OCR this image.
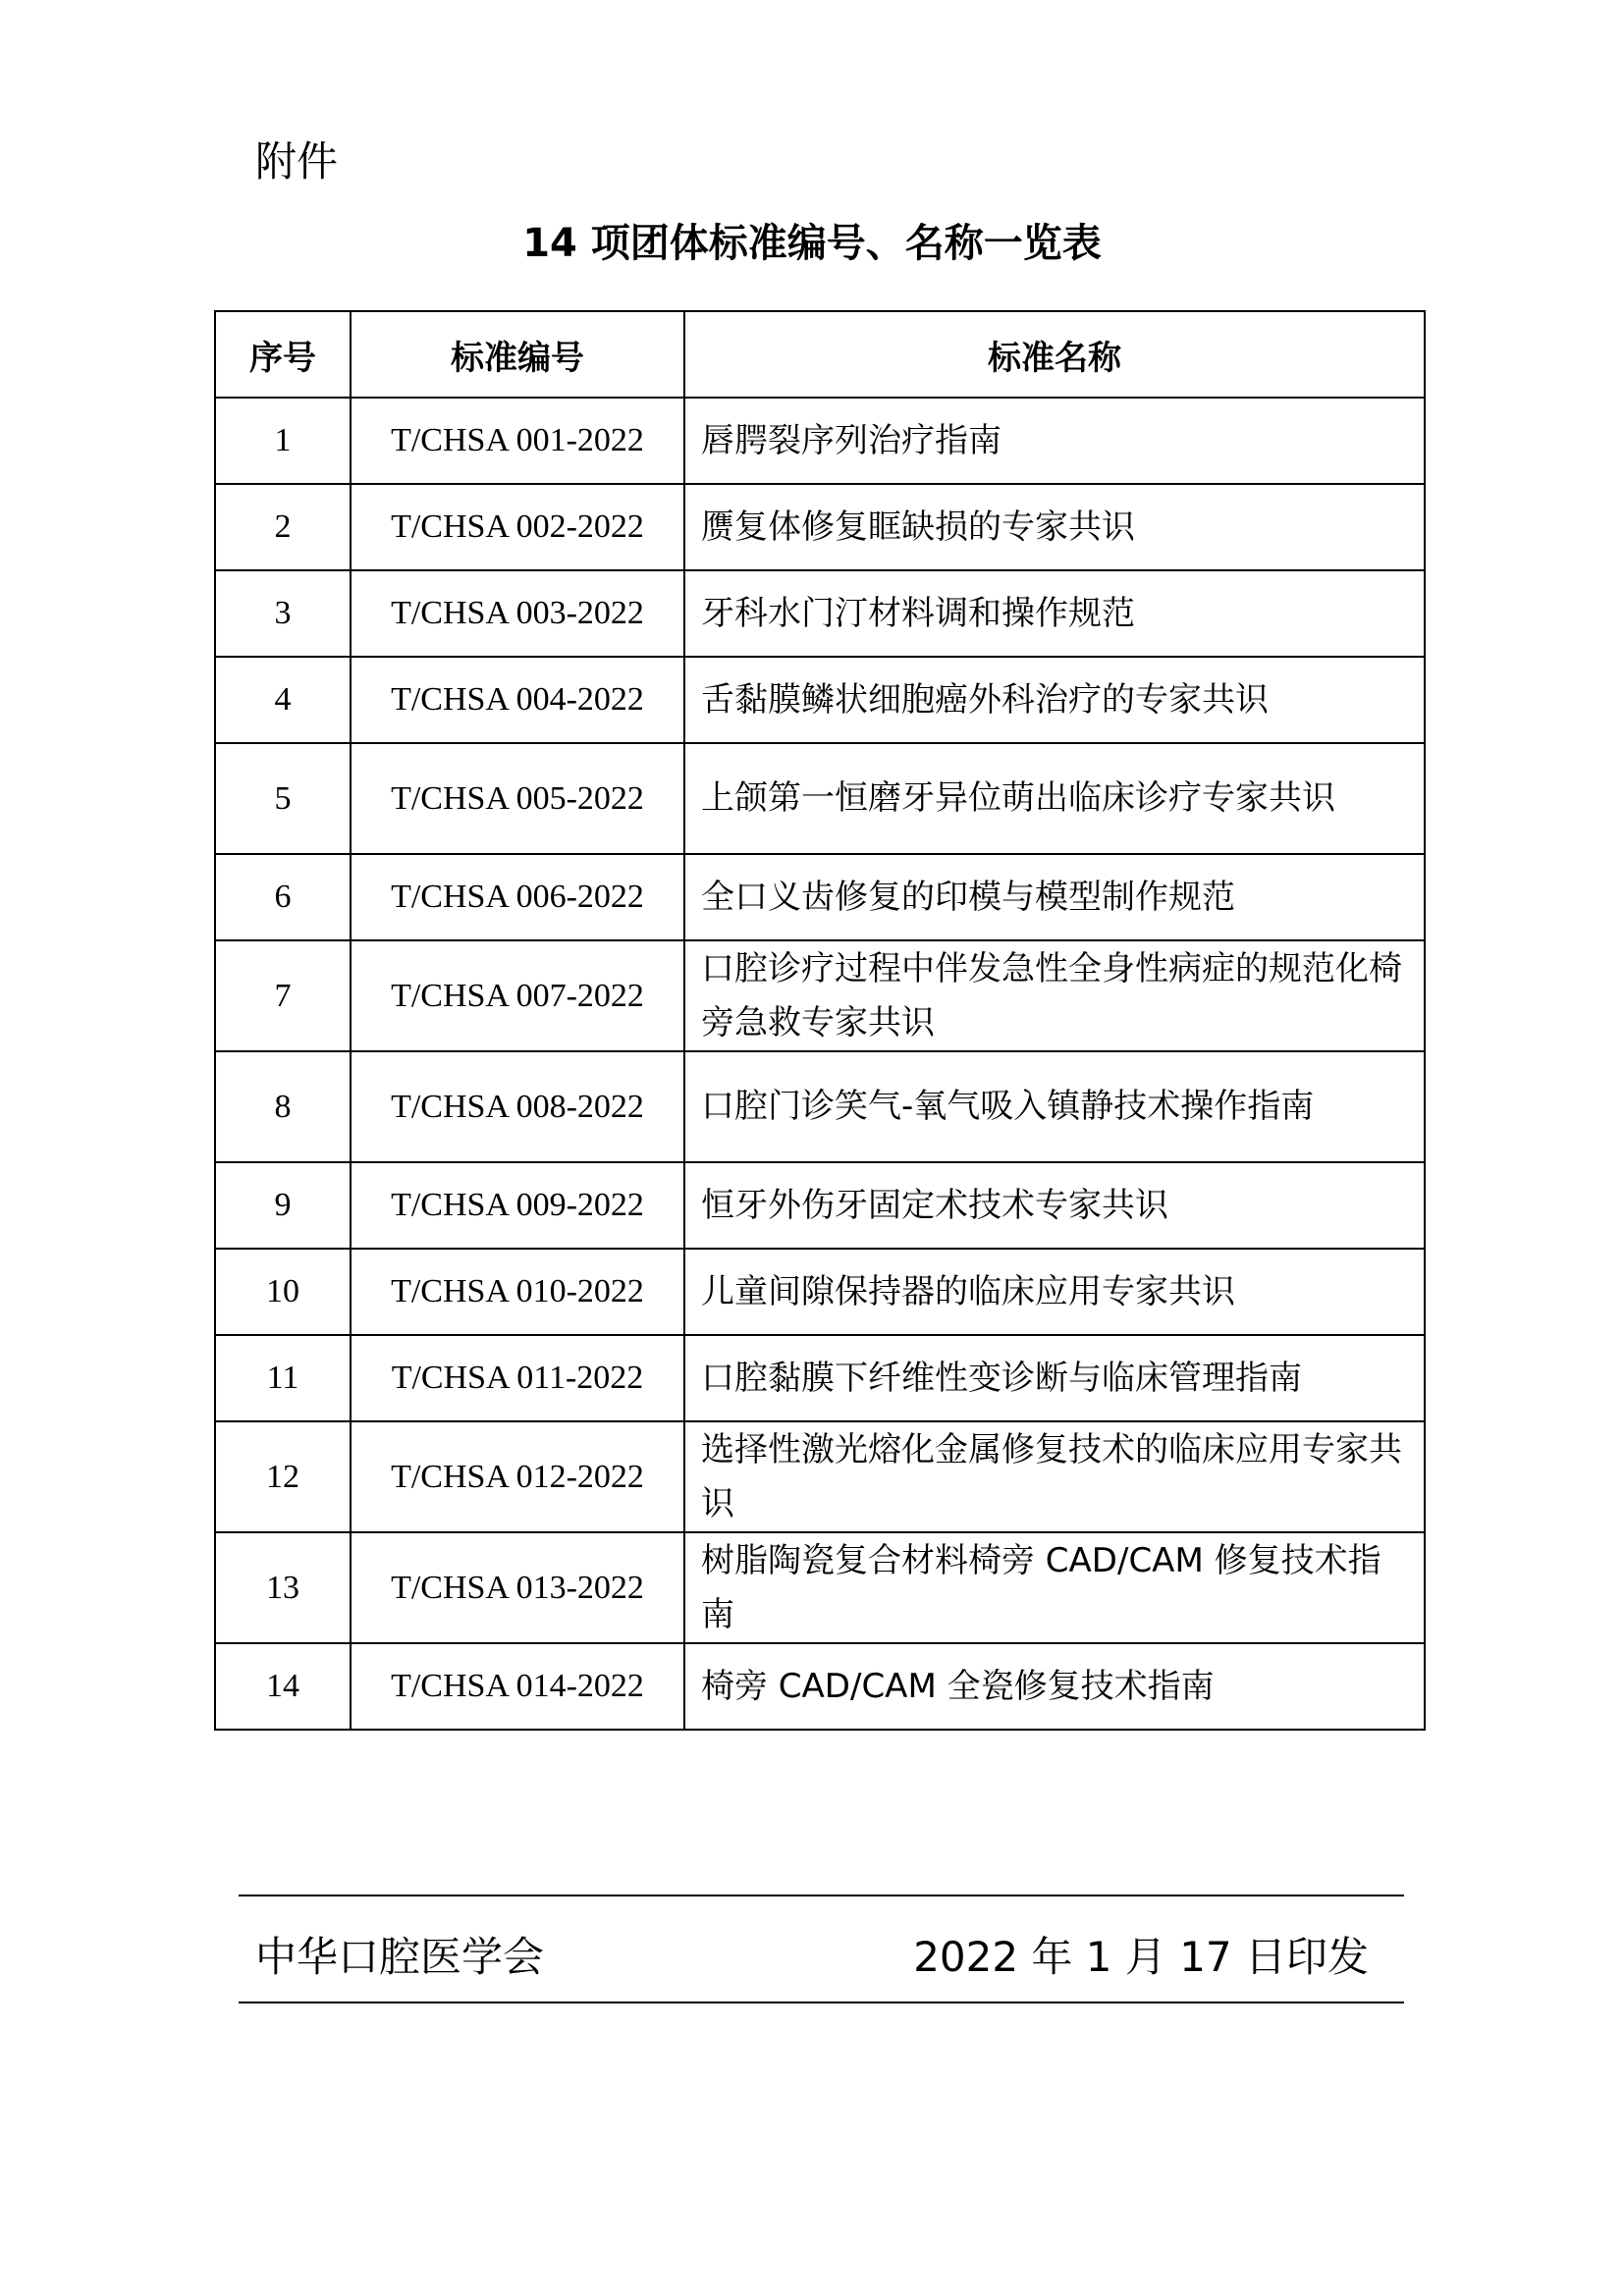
附件
14 项团体标准编号、名称一览表
序号	标准编号	标准名称
1	T/CHSA 001-2022	唇腭裂序列治疗指南
2	T/CHSA 002-2022	赝复体修复眶缺损的专家共识
3	T/CHSA 003-2022	牙科水门汀材料调和操作规范
4	T/CHSA 004-2022	舌黏膜鳞状细胞癌外科治疗的专家共识
5	T/CHSA 005-2022	上颌第一恒磨牙异位萌出临床诊疗专家共识
6	T/CHSA 006-2022	全口义齿修复的印模与模型制作规范
7	T/CHSA 007-2022	口腔诊疗过程中伴发急性全身性病症的规范化椅旁急救专家共识
8	T/CHSA 008-2022	口腔门诊笑气-氧气吸入镇静技术操作指南
9	T/CHSA 009-2022	恒牙外伤牙固定术技术专家共识
10	T/CHSA 010-2022	儿童间隙保持器的临床应用专家共识
11	T/CHSA 011-2022	口腔黏膜下纤维性变诊断与临床管理指南
12	T/CHSA 012-2022	选择性激光熔化金属修复技术的临床应用专家共识
13	T/CHSA 013-2022	树脂陶瓷复合材料椅旁 CAD/CAM 修复技术指南
14	T/CHSA 014-2022	椅旁 CAD/CAM 全瓷修复技术指南
中华口腔医学会	2022 年 1 月 17 日印发
